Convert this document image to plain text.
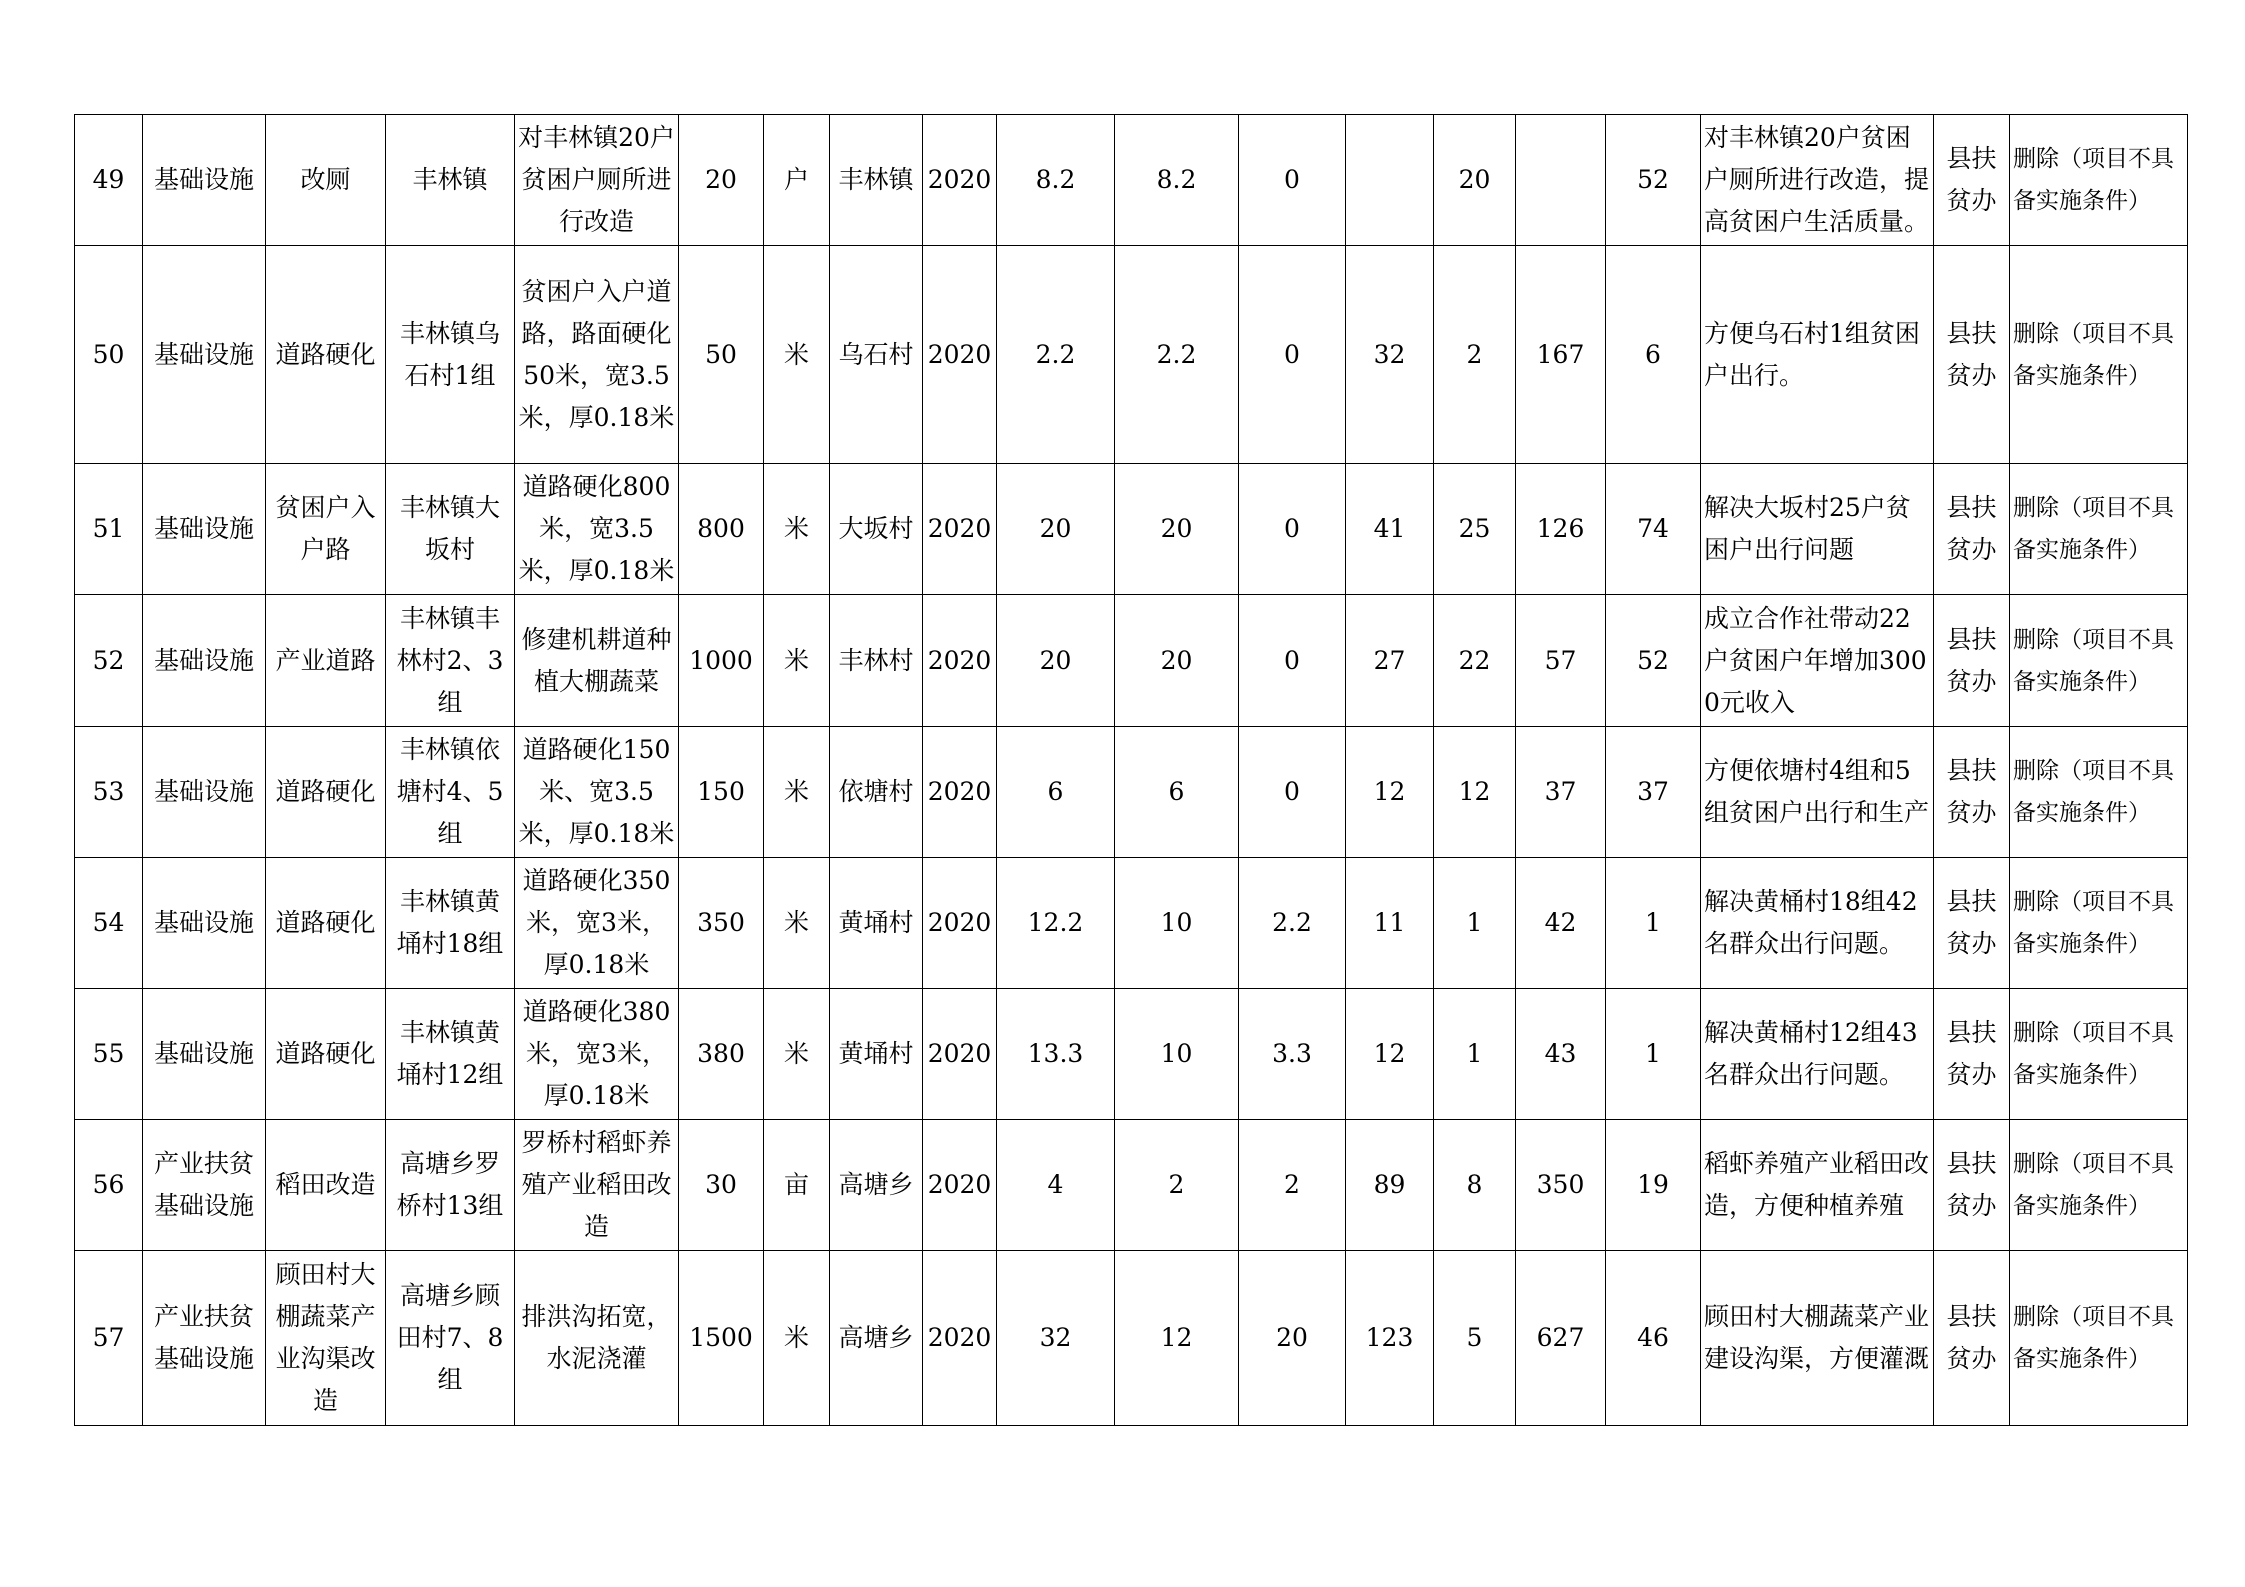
49	基础设施	改厕	丰林镇	对丰林镇20户贫困户厕所进行改造	20	户	丰林镇	2020	8.2	8.2	0		20		52	对丰林镇20户贫困户厕所进行改造，提高贫困户生活质量。	县扶贫办	删除（项目不具备实施条件）
50	基础设施	道路硬化	丰林镇乌石村1组	贫困户入户道路，路面硬化50米，宽3.5米，厚0.18米	50	米	乌石村	2020	2.2	2.2	0	32	2	167	6	方便乌石村1组贫困户出行。	县扶贫办	删除（项目不具备实施条件）
51	基础设施	贫困户入户路	丰林镇大坂村	道路硬化800米，宽3.5米，厚0.18米	800	米	大坂村	2020	20	20	0	41	25	126	74	解决大坂村25户贫困户出行问题	县扶贫办	删除（项目不具备实施条件）
52	基础设施	产业道路	丰林镇丰林村2、3组	修建机耕道种植大棚蔬菜	1000	米	丰林村	2020	20	20	0	27	22	57	52	成立合作社带动22户贫困户年增加3000元收入	县扶贫办	删除（项目不具备实施条件）
53	基础设施	道路硬化	丰林镇依塘村4、5组	道路硬化150米、宽3.5米，厚0.18米	150	米	依塘村	2020	6	6	0	12	12	37	37	方便依塘村4组和5组贫困户出行和生产	县扶贫办	删除（项目不具备实施条件）
54	基础设施	道路硬化	丰林镇黄埇村18组	道路硬化350米，宽3米，厚0.18米	350	米	黄埇村	2020	12.2	10	2.2	11	1	42	1	解决黄桶村18组42名群众出行问题。	县扶贫办	删除（项目不具备实施条件）
55	基础设施	道路硬化	丰林镇黄埇村12组	道路硬化380米，宽3米，厚0.18米	380	米	黄埇村	2020	13.3	10	3.3	12	1	43	1	解决黄桶村12组43名群众出行问题。	县扶贫办	删除（项目不具备实施条件）
56	产业扶贫基础设施	稻田改造	高塘乡罗桥村13组	罗桥村稻虾养殖产业稻田改造	30	亩	高塘乡	2020	4	2	2	89	8	350	19	稻虾养殖产业稻田改造，方便种植养殖	县扶贫办	删除（项目不具备实施条件）
57	产业扶贫基础设施	顾田村大棚蔬菜产业沟渠改造	高塘乡顾田村7、8组	排洪沟拓宽，水泥浇灌	1500	米	高塘乡	2020	32	12	20	123	5	627	46	顾田村大棚蔬菜产业建设沟渠，方便灌溉	县扶贫办	删除（项目不具备实施条件）
